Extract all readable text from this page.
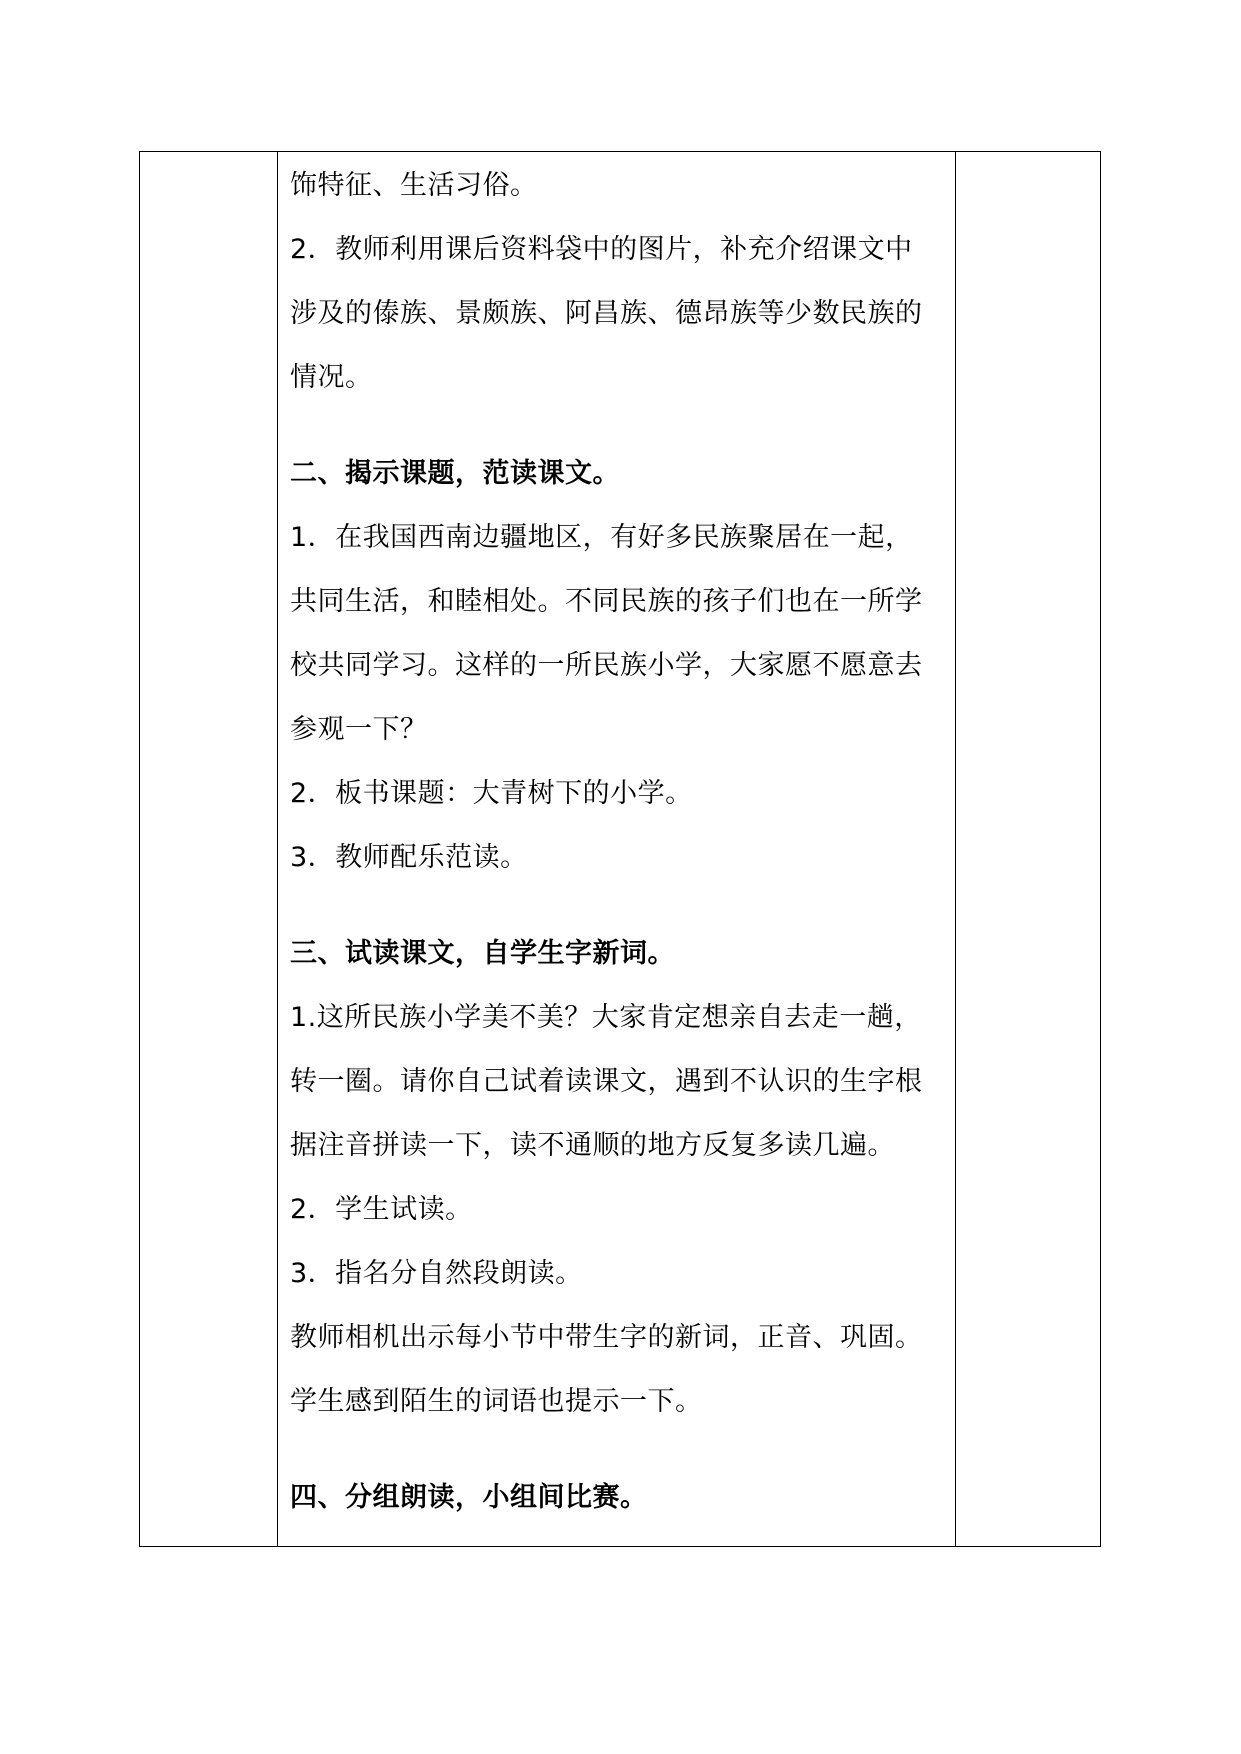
饰特征、生活习俗。
2．教师利用课后资料袋中的图片，补充介绍课文中
涉及的傣族、景颇族、阿昌族、德昂族等少数民族的
情况。
二、揭示课题，范读课文。
1．在我国西南边疆地区，有好多民族聚居在一起，
共同生活，和睦相处。不同民族的孩子们也在一所学
校共同学习。这样的一所民族小学，大家愿不愿意去
参观一下？
2．板书课题：大青树下的小学。
3．教师配乐范读。
三、试读课文，自学生字新词。
1.这所民族小学美不美？大家肯定想亲自去走一趟，
转一圈。请你自己试着读课文，遇到不认识的生字根
据注音拼读一下，读不通顺的地方反复多读几遍。
2．学生试读。
3．指名分自然段朗读。
教师相机出示每小节中带生字的新词，正音、巩固。
学生感到陌生的词语也提示一下。
四、分组朗读，小组间比赛。
